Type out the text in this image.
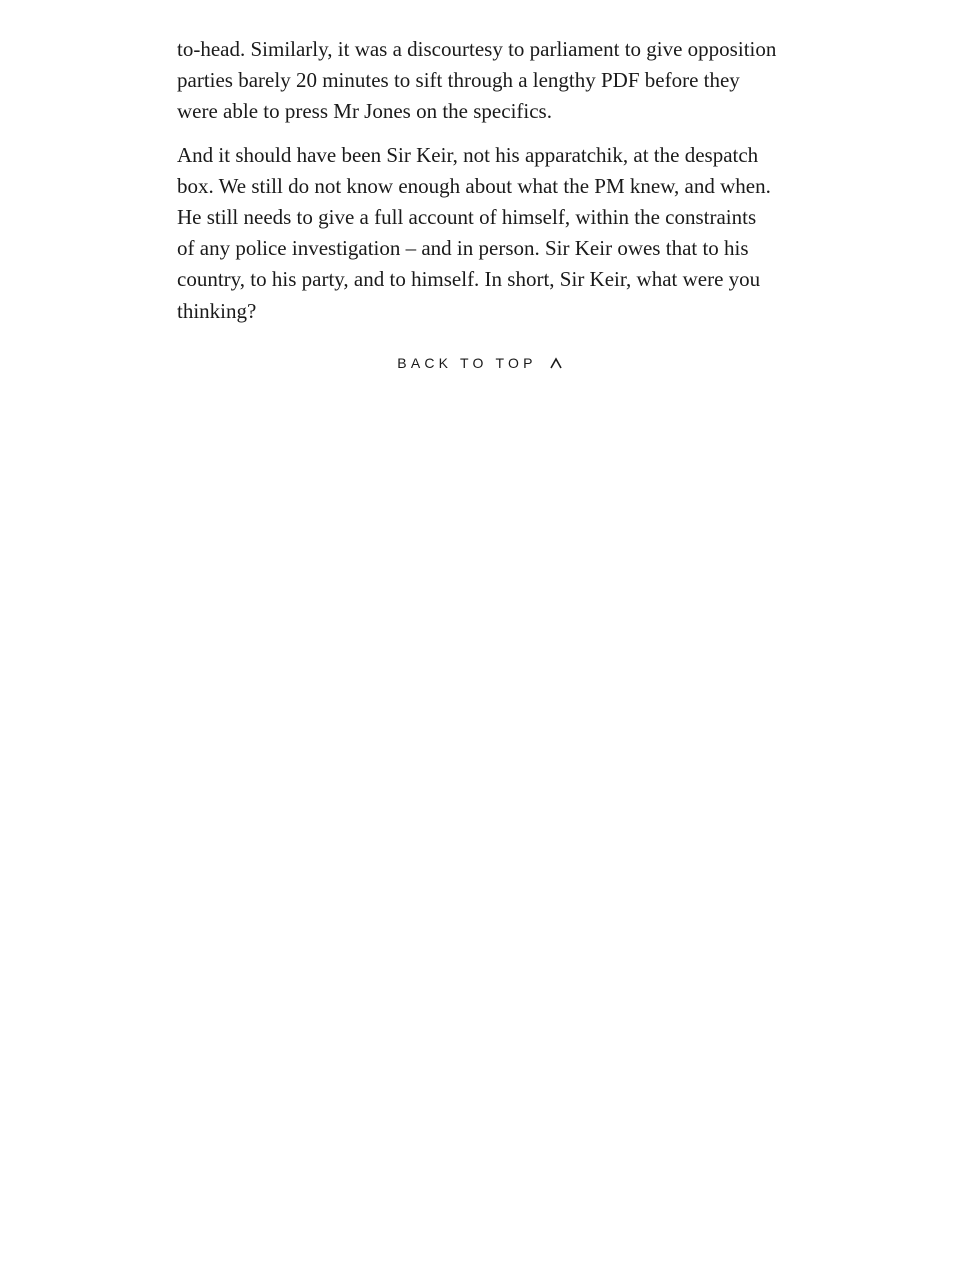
to-head. Similarly, it was a discourtesy to parliament to give opposition parties barely 20 minutes to sift through a lengthy PDF before they were able to press Mr Jones on the specifics.

And it should have been Sir Keir, not his apparatchik, at the despatch box. We still do not know enough about what the PM knew, and when. He still needs to give a full account of himself, within the constraints of any police investigation – and in person. Sir Keir owes that to his country, to his party, and to himself. In short, Sir Keir, what were you thinking?

BACK TO TOP
